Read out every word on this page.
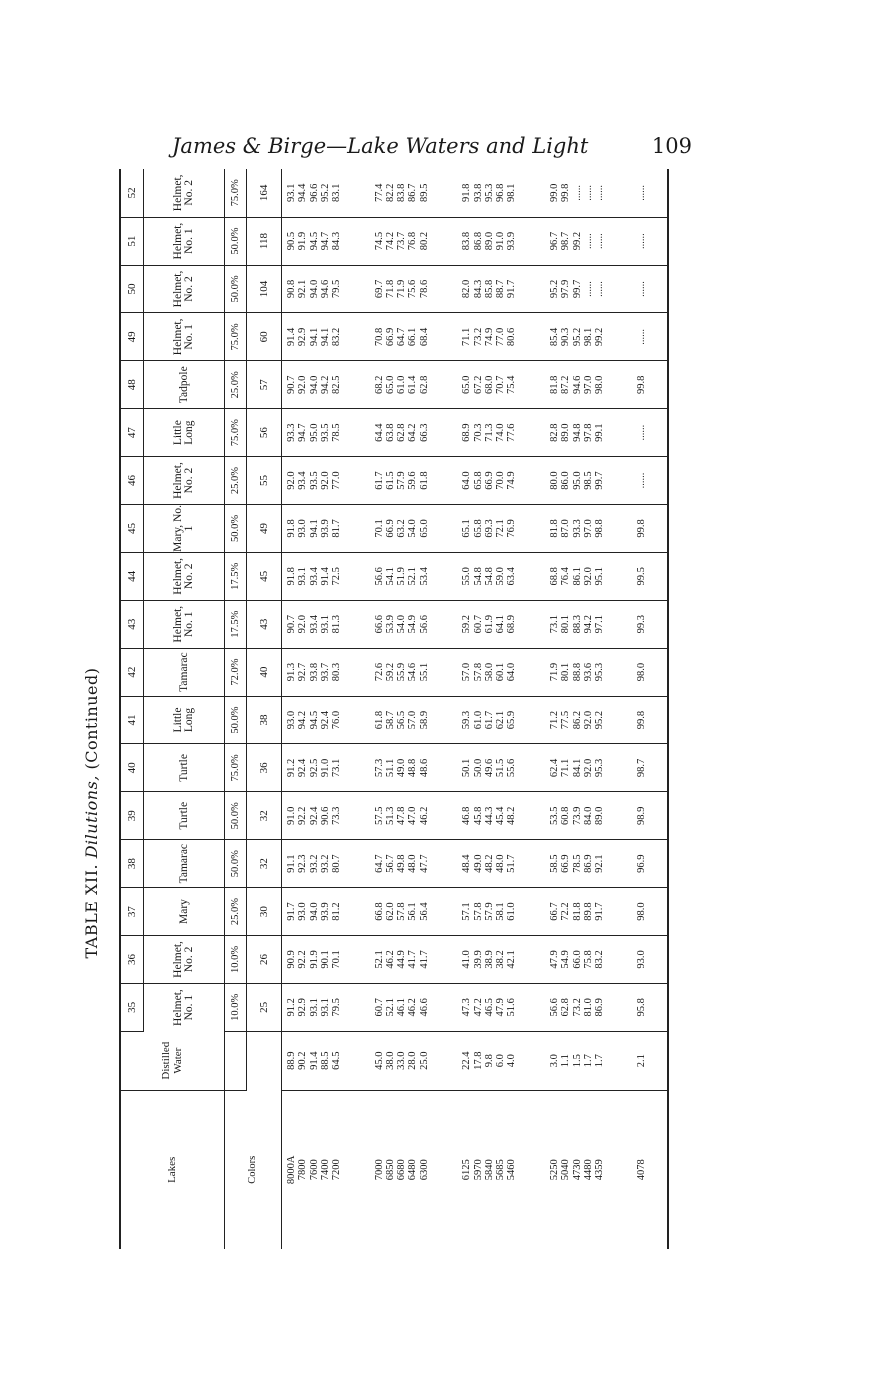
James & Birge—Lake Waters and Light	109
TABLE XII. Dilutions, (Continued)
Lakes	Distilled Water	35	36	37	38	39	40	41	42	43	44	45	46	47	48	49	50	51	52
		Helmet, No. 1	Helmet, No. 2	Mary	Tamarac	Turtle	Turtle	Little Long	Tamarac	Helmet, No. 1	Helmet, No. 2	Mary, No. 1	Helmet, No. 2	Little Long	Tadpole	Helmet, No. 1	Helmet, No. 2	Helmet, No. 1	Helmet, No. 2
Colors		10.0%	10.0%	25.0%	50.0%	50.0%	75.0%	50.0%	72.0%	17.5%	17.5%	50.0%	25.0%	75.0%	25.0%	75.0%	50.0%	50.0%	75.0%
		25	26	30	32	32	36	38	40	43	45	49	55	56	57	60	104	118	164

8000A 7800 7600 7400 7200	88.9 90.2 91.4 88.5 64.5	91.2 92.9 93.1 93.1 79.5	90.9 92.2 91.9 90.1 70.1	91.7 93.0 94.0 93.9 81.2	91.1 92.3 93.2 93.2 80.7	91.0 92.2 92.4 90.6 73.3	91.2 92.4 92.5 91.0 73.1	93.0 94.2 94.5 92.4 76.0	91.3 92.7 93.8 93.7 80.3	90.7 92.0 93.4 93.1 81.3	91.8 93.1 93.4 91.4 72.5	91.8 93.0 94.1 93.9 81.7	92.0 93.4 93.5 92.0 77.0	93.3 94.7 95.0 93.5 78.5	90.7 92.0 94.0 94.2 82.5	91.4 92.9 94.1 94.1 83.2	90.8 92.1 94.0 94.6 79.5	90.5 91.9 94.5 94.7 84.3	93.1 94.4 96.6 95.2 83.1

7000 6850 6680 6480 6300	45.0 38.0 33.0 28.0 25.0	60.7 52.1 46.1 46.2 46.6	52.1 46.2 44.9 41.7 41.7	66.8 62.0 57.8 56.1 56.4	64.7 56.7 49.8 48.0 47.7	57.5 51.3 47.8 47.0 46.2	57.3 51.1 49.0 48.8 48.6	61.8 58.7 56.5 57.0 58.9	72.6 59.2 55.9 54.6 55.1	66.6 53.9 54.0 54.9 56.6	56.6 54.1 51.9 52.1 53.4	70.1 66.9 63.2 54.0 65.0	61.7 61.5 57.9 59.6 61.8	64.4 63.8 62.8 64.2 66.3	68.2 65.0 61.0 61.4 62.8	70.8 66.9 64.7 66.1 68.4	69.7 71.8 71.9 75.6 78.6	74.5 74.2 73.7 76.8 80.2	77.4 82.2 83.8 86.7 89.5

6125 5970 5840 5685 5460	22.4 17.8 9.8 6.0 4.0	47.3 47.2 46.5 47.9 51.6	41.0 39.9 38.9 38.2 42.1	57.1 57.8 57.9 58.1 61.0	48.4 49.0 48.2 48.0 51.7	46.8 45.8 44.3 45.4 48.2	50.1 50.0 49.6 51.5 55.6	59.3 61.0 61.7 62.1 65.9	57.0 57.8 58.0 60.1 64.0	59.2 60.7 61.9 64.1 68.9	55.0 54.8 54.8 59.0 63.4	65.1 65.8 69.3 72.1 76.9	64.0 65.8 66.9 70.0 74.9	68.9 70.3 71.3 74.0 77.6	65.0 67.2 68.0 70.7 75.4	71.1 73.2 74.9 77.0 80.6	82.0 84.3 85.8 88.7 91.7	83.8 86.8 89.0 91.0 93.9	91.8 93.8 95.3 96.8 98.1

5250 5040 4730 4480 4359	3.0 1.1 1.5 1.7 1.7	56.6 62.8 73.2 81.0 86.9	47.9 54.9 66.0 75.8 83.2	66.7 72.2 81.8 89.8 91.7	58.5 66.9 78.5 86.9 92.1	53.5 60.8 73.9 84.0 89.0	62.4 71.1 84.1 92.0 95.3	71.2 77.5 86.2 92.0 95.2	71.9 80.1 88.8 93.6 95.3	73.1 80.1 88.3 94.2 97.1	68.8 76.4 86.1 92.0 95.1	81.8 87.0 93.3 97.0 98.8	80.0 86.0 95.0 98.5 99.7	82.8 89.0 94.8 97.8 99.1	81.8 87.2 94.6 97.0 98.0	85.4 90.3 95.2 98.1 99.2	95.2 97.9 99.7 ...... ......	96.7 98.7 99.2 ...... ......	99.0 99.8 ...... ...... ......

4078	2.1	95.8	93.0	98.0	96.9	98.9	98.7	99.8	98.0	99.3	99.5	99.8	......	......	99.8	......	......	......	......
